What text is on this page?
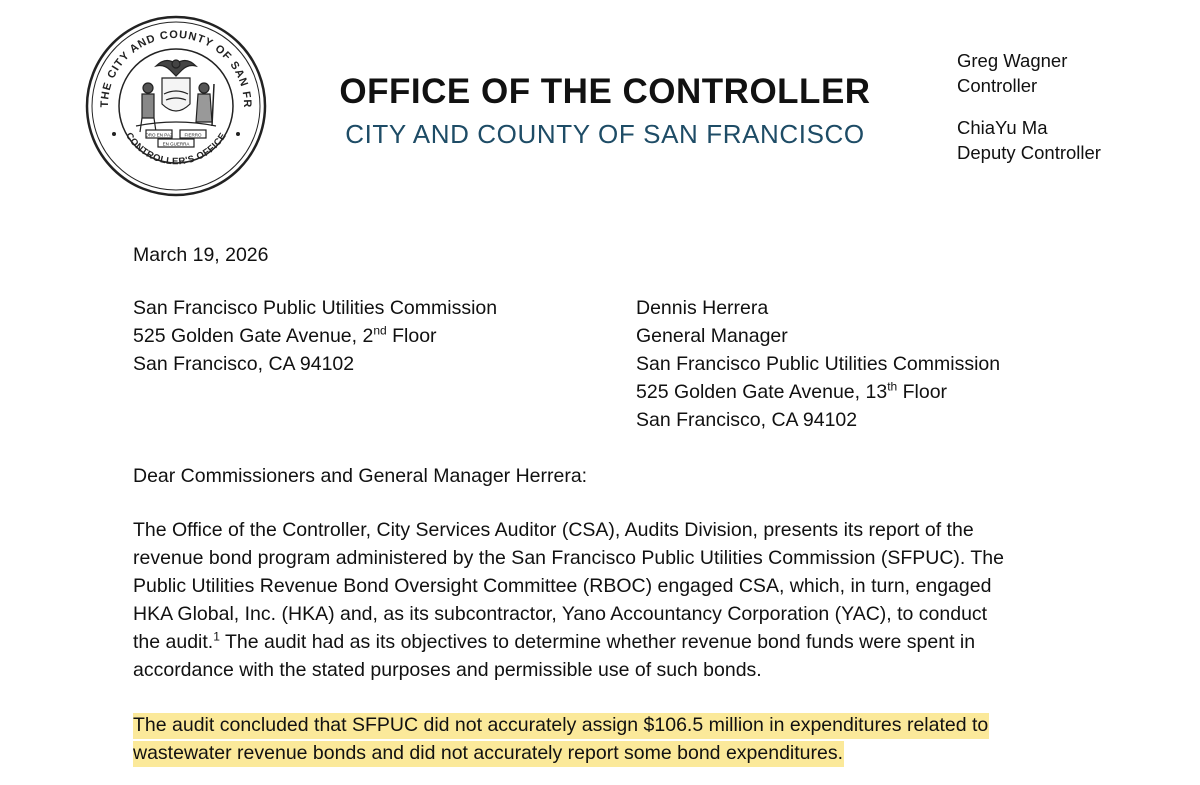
THE CITY AND COUNTY OF SAN FR
CONTROLLER'S OFFICE
ORO EN PAZ	FIERRO
EN GUERRA
OFFICE OF THE CONTROLLER
CITY AND COUNTY OF SAN FRANCISCO
Greg Wagner
Controller
ChiaYu Ma
Deputy Controller
March 19, 2026
San Francisco Public Utilities Commission
525 Golden Gate Avenue, 2nd Floor
San Francisco, CA 94102
Dennis Herrera
General Manager
San Francisco Public Utilities Commission
525 Golden Gate Avenue, 13th Floor
San Francisco, CA 94102
Dear Commissioners and General Manager Herrera:
The Office of the Controller, City Services Auditor (CSA), Audits Division, presents its report of the
revenue bond program administered by the San Francisco Public Utilities Commission (SFPUC). The
Public Utilities Revenue Bond Oversight Committee (RBOC) engaged CSA, which, in turn, engaged
HKA Global, Inc. (HKA) and, as its subcontractor, Yano Accountancy Corporation (YAC), to conduct
the audit.$^1$ The audit had as its objectives to determine whether revenue bond funds were spent in
accordance with the stated purposes and permissible use of such bonds.
The audit concluded that SFPUC did not accurately assign $106.5 million in expenditures related to
wastewater revenue bonds and did not accurately report some bond expenditures.
